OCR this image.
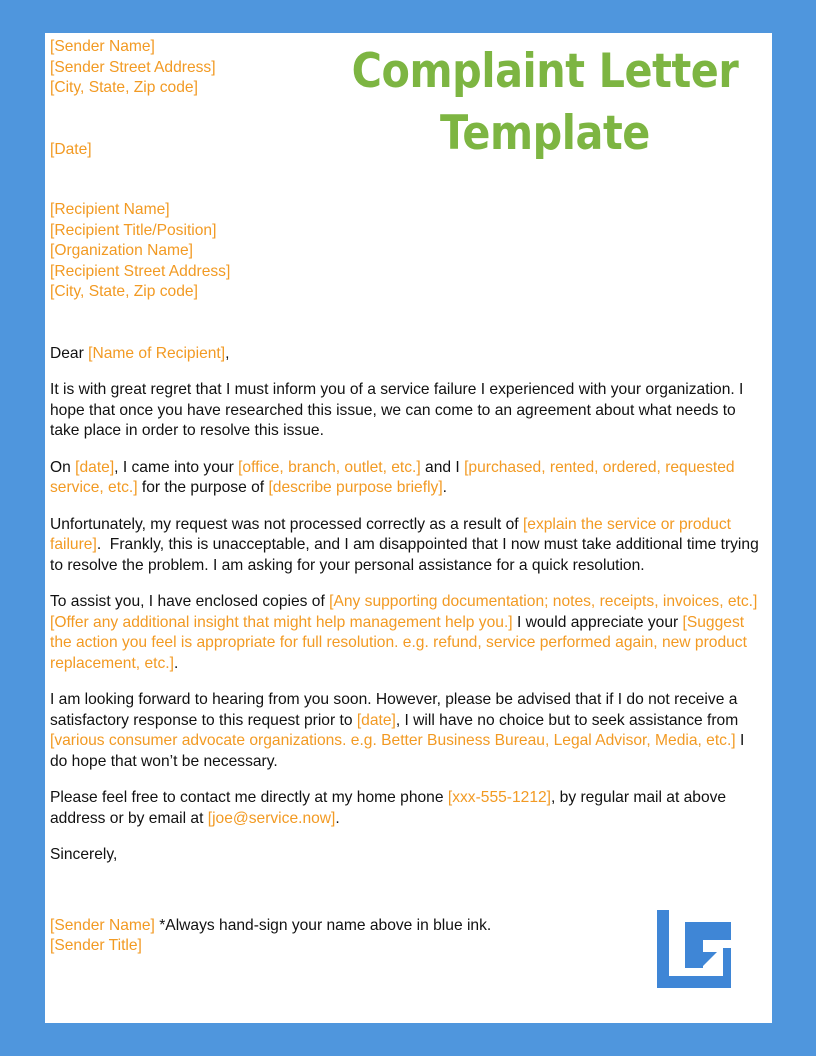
[Sender Name]
[Sender Street Address]
[City, State, Zip code]
[Date]
[Recipient Name]
[Recipient Title/Position]
[Organization Name]
[Recipient Street Address]
[City, State, Zip code]
Dear [Name of Recipient],
It is with great regret that I must inform you of a service failure I experienced with your organization. I hope that once you have researched this issue, we can come to an agreement about what needs to take place in order to resolve this issue.
On [date], I came into your [office, branch, outlet, etc.] and I [purchased, rented, ordered, requested service, etc.] for the purpose of [describe purpose briefly].
Unfortunately, my request was not processed correctly as a result of [explain the service or product failure].  Frankly, this is unacceptable, and I am disappointed that I now must take additional time trying to resolve the problem. I am asking for your personal assistance for a quick resolution.
To assist you, I have enclosed copies of [Any supporting documentation; notes, receipts, invoices, etc.] [Offer any additional insight that might help management help you.] I would appreciate your [Suggest the action you feel is appropriate for full resolution. e.g. refund, service performed again, new product replacement, etc.].
I am looking forward to hearing from you soon. However, please be advised that if I do not receive a satisfactory response to this request prior to [date], I will have no choice but to seek assistance from [various consumer advocate organizations. e.g. Better Business Bureau, Legal Advisor, Media, etc.] I do hope that won’t be necessary.
Please feel free to contact me directly at my home phone [xxx-555-1212], by regular mail at above address or by email at [joe@service.now].
Sincerely,
[Sender Name] *Always hand-sign your name above in blue ink.
[Sender Title]
Complaint Letter
Template
